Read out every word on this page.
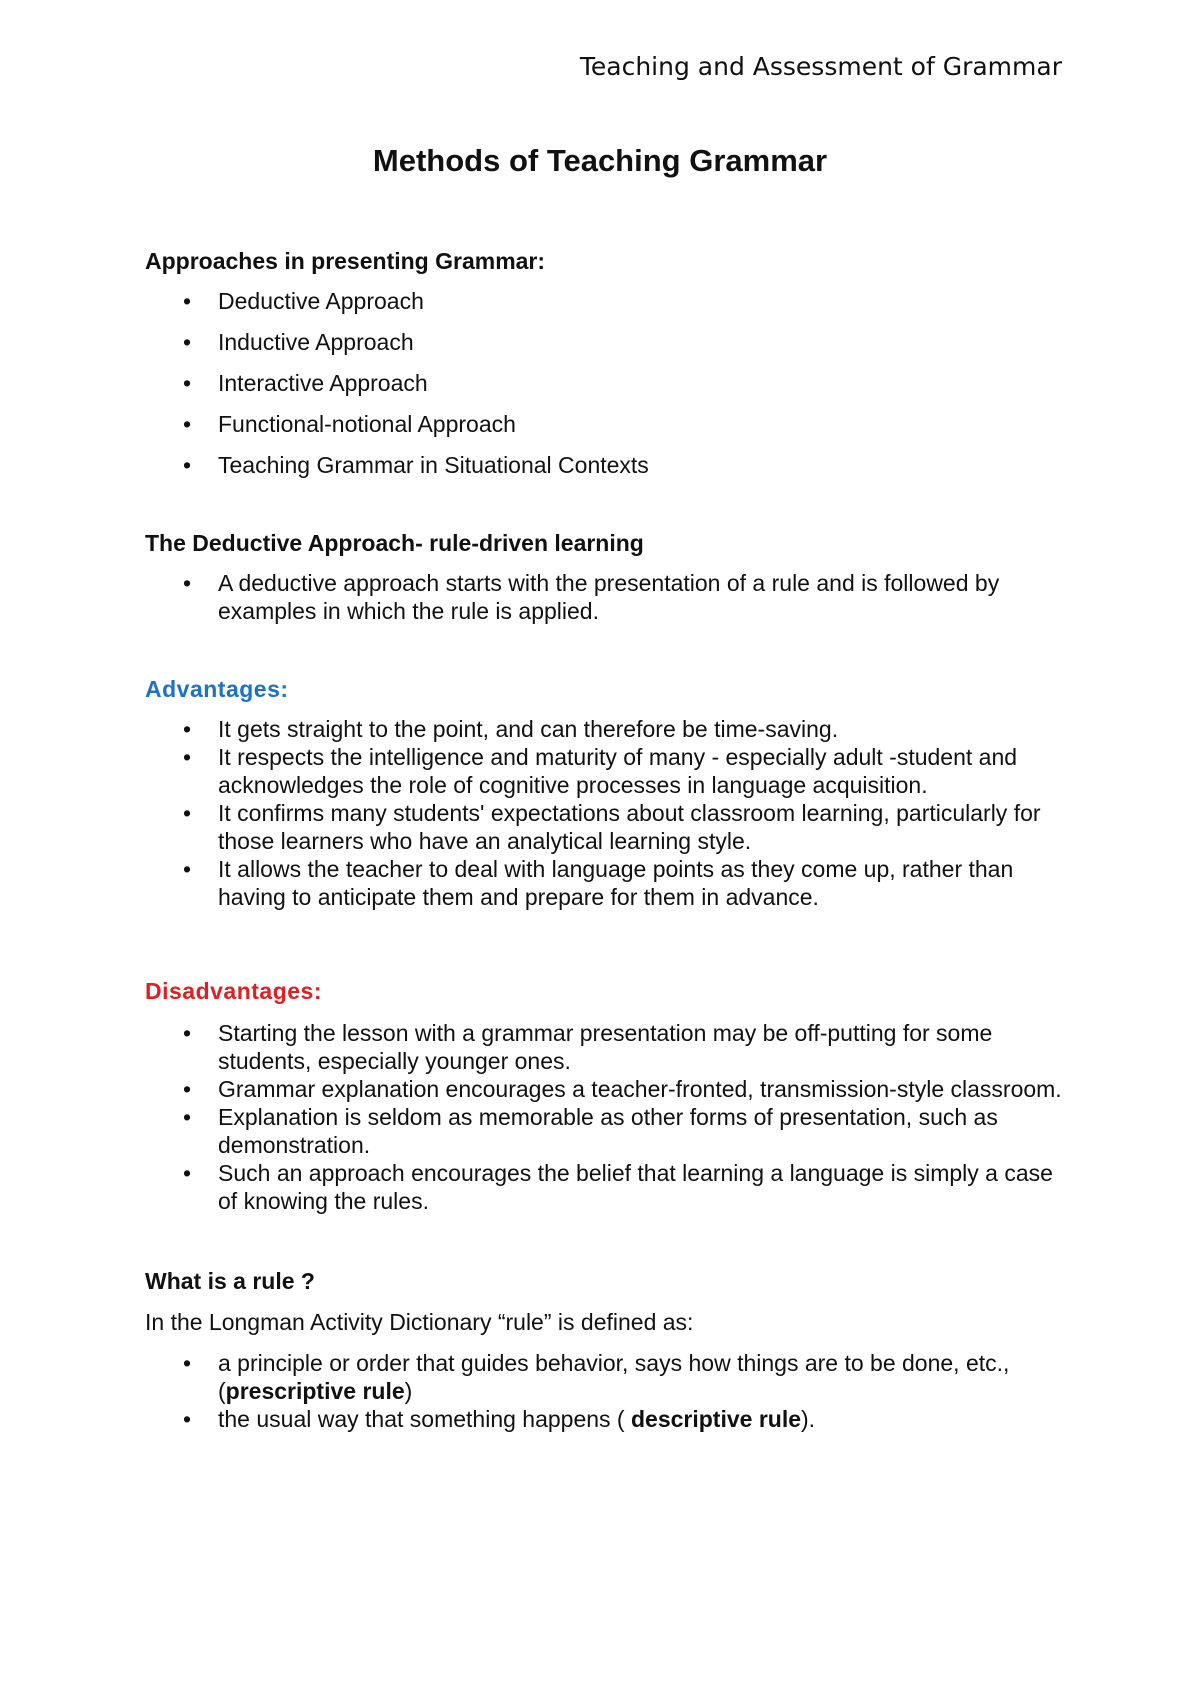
Teaching and Assessment of Grammar
Methods of Teaching Grammar
Approaches in presenting Grammar:
• Deductive Approach
• Inductive Approach
• Interactive Approach
• Functional-notional Approach
• Teaching Grammar in Situational Contexts
The Deductive Approach- rule-driven learning
• A deductive approach starts with the presentation of a rule and is followed by examples in which the rule is applied.
Advantages:
• It gets straight to the point, and can therefore be time-saving.
• It respects the intelligence and maturity of many - especially adult -student and acknowledges the role of cognitive processes in language acquisition.
• It confirms many students' expectations about classroom learning, particularly for those learners who have an analytical learning style.
• It allows the teacher to deal with language points as they come up, rather than having to anticipate them and prepare for them in advance.
Disadvantages:
• Starting the lesson with a grammar presentation may be off-putting for some students, especially younger ones.
• Grammar explanation encourages a teacher-fronted, transmission-style classroom.
• Explanation is seldom as memorable as other forms of presentation, such as demonstration.
• Such an approach encourages the belief that learning a language is simply a case of knowing the rules.
What is a rule ?

In the Longman Activity Dictionary “rule” is defined as:

• a principle or order that guides behavior, says how things are to be done, etc., (prescriptive rule)
• the usual way that something happens ( descriptive rule).
